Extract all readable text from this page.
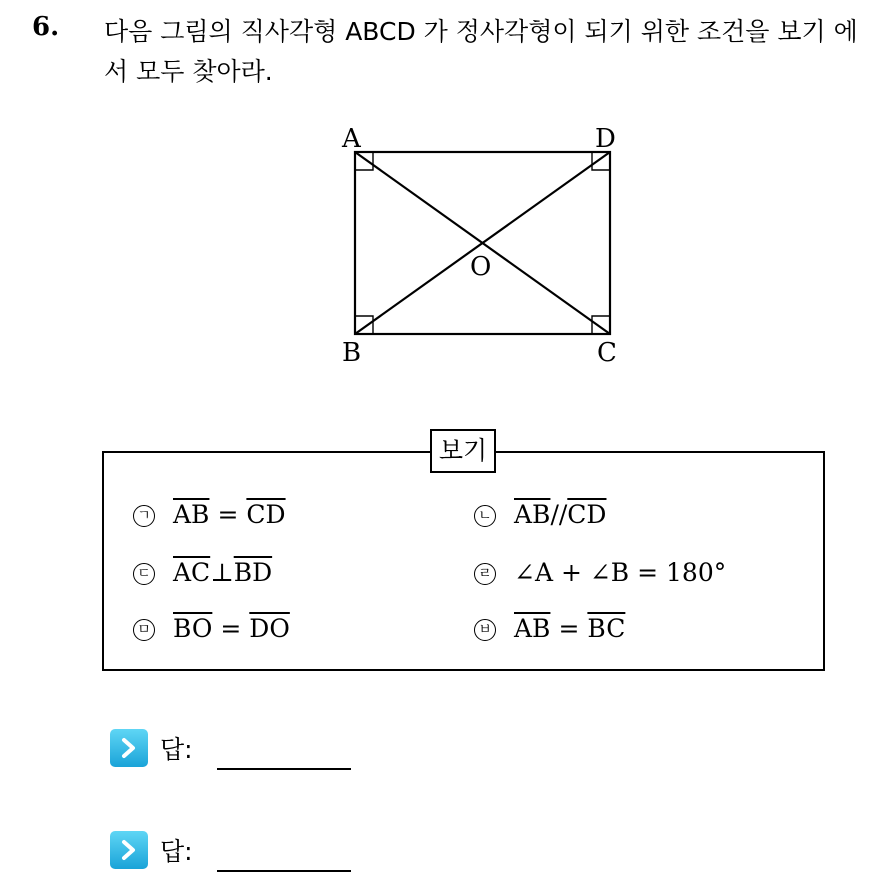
6. 다음 그림의 직사각형 ABCD 가 정사각형이 되기 위한 조건을 보기 에서 모두 찾아라.
A	D
B	C
O
보기
ㄱ $\overline{AB} = \overline{CD}$	ㄴ $\overline{AB} // \overline{CD}$
ㄷ $\overline{AC}$ ⊥ $\overline{BD}$	ㄹ ∠A + ∠B = 180°
ㅁ $\overline{BO} = \overline{DO}$	ㅂ $\overline{AB} = \overline{BC}$
답:
답:
